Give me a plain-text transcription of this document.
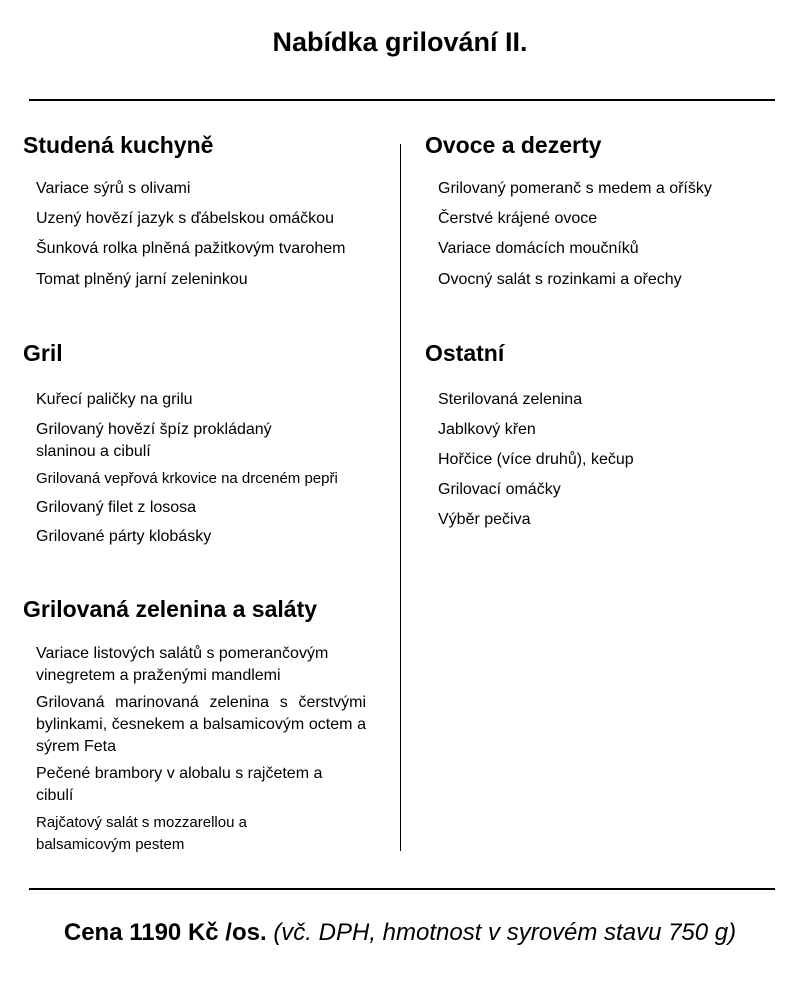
Nabídka grilování II.
Studená kuchyně
Variace sýrů s olivami
Uzený hovězí jazyk s ďábelskou omáčkou
Šunková rolka plněná pažitkovým tvarohem
Tomat plněný jarní zeleninkou
Gril
Kuřecí paličky na grilu
Grilovaný hovězí špíz prokládaný slaninou a cibulí
Grilovaná vepřová krkovice na drceném pepři
Grilovaný filet z lososa
Grilované párty klobásky
Grilovaná zelenina a saláty
Variace listových salátů s pomerančovým vinegretem a praženými mandlemi
Grilovaná marinovaná zelenina s čerstvými bylinkami, česnekem a balsamicovým octem a sýrem Feta
Pečené brambory v alobalu s rajčetem a cibulí
Rajčatový salát s mozzarellou a balsamicovým pestem
Ovoce a dezerty
Grilovaný pomeranč s medem a oříšky
Čerstvé krájené ovoce
Variace domácích moučníků
Ovocný salát s rozinkami a ořechy
Ostatní
Sterilovaná zelenina
Jablkový křen
Hořčice (více druhů), kečup
Grilovací omáčky
Výběr pečiva
Cena 1190 Kč /os. (vč. DPH, hmotnost v syrovém stavu 750 g)
